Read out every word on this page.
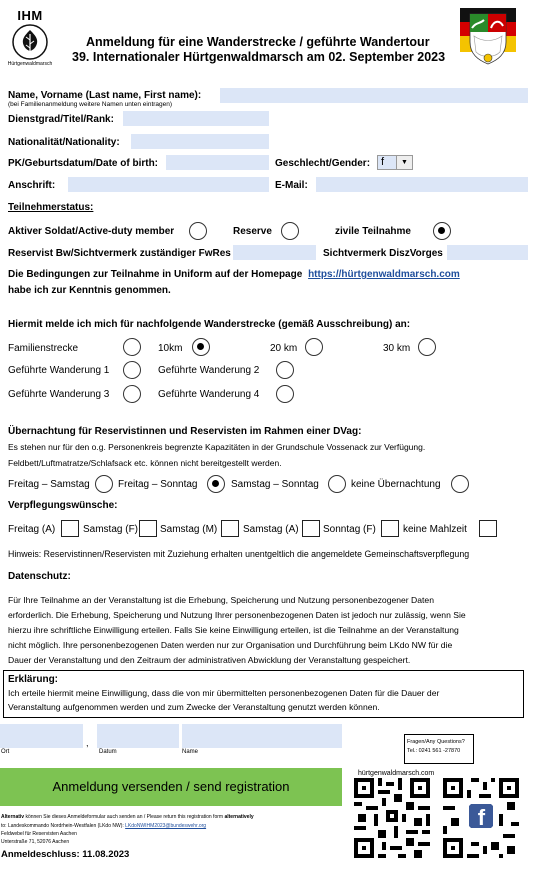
IHM
Hürtgenwaldmarsch
Anmeldung für eine Wanderstrecke / geführte Wandertour
39. Internationaler Hürtgenwaldmarsch am 02. September 2023
Name, Vorname (Last name, First name):
(bei Familienanmeldung weitere Namen unten eintragen)
Dienstgrad/Titel/Rank:
Nationalität/Nationality:
PK/Geburtsdatum/Date of birth:	Geschlecht/Gender: f	▼
Anschrift:	E-Mail:
Teilnehmerstatus:
Aktiver Soldat/Active-duty member	Reserve	zivile Teilnahme
Reservist Bw/Sichtvermerk zuständiger FwRes	Sichtvermerk DiszVorges
Die Bedingungen zur Teilnahme in Uniform auf der Homepage https://hürtgenwaldmarsch.com
habe ich zur Kenntnis genommen.
Hiermit melde ich mich für nachfolgende Wanderstrecke (gemäß Ausschreibung) an:
Familienstrecke	10km	20 km	30 km
Geführte Wanderung 1	Geführte Wanderung 2
Geführte Wanderung 3	Geführte Wanderung 4
Übernachtung für Reservistinnen und Reservisten im Rahmen einer DVag:
Es stehen nur für den o.g. Personenkreis begrenzte Kapazitäten in der Grundschule Vossenack zur Verfügung.
Feldbett/Luftmatratze/Schlafsack etc. können nicht bereitgestellt werden.
Freitag – Samstag	Freitag – Sonntag	Samstag – Sonntag	keine Übernachtung
Verpflegungswünsche:
Freitag (A)	Samstag (F) Samstag (M)	Samstag (A) Sonntag (F)	keine Mahlzeit
Hinweis: Reservistinnen/Reservisten mit Zuziehung erhalten unentgeltlich die angemeldete Gemeinschaftsverpflegung
Datenschutz:
Für Ihre Teilnahme an der Veranstaltung ist die Erhebung, Speicherung und Nutzung personenbezogener Daten
erforderlich. Die Erhebung, Speicherung und Nutzung Ihrer personenbezogenen Daten ist jedoch nur zulässig, wenn Sie
hierzu ihre schriftliche Einwilligung erteilen. Falls Sie keine Einwilligung erteilen, ist die Teilnahme an der Veranstaltung
nicht möglich. Ihre personenbezogenen Daten werden nur zur Organisation und Durchführung beim LKdo NW für die
Dauer der Veranstaltung und den Zeitraum der administrativen Abwicklung der Veranstaltung gespeichert.
Erklärung:
Ich erteile hiermit meine Einwilligung, dass die von mir übermittelten personenbezogenen Daten für die Dauer der
Veranstaltung aufgenommen werden und zum Zwecke der Veranstaltung genutzt werden können.
Ort
,
Datum	Name
Fragen/Any Questions?
Tel.: 0241 561 -27870
Anmeldung versenden / send registration
hürtgenwaldmarsch.com
f
Alternativ können Sie dieses Anmeldeformular auch senden an / Please return this registration form alternatively
to: Landeskommando Nordrhein-Westfalen (LKdo NW): LKdoNWIHM2023@bundeswehr.org
Feldwebel für Reservisten Aachen
Unterstraße 71, 52076 Aachen
Anmeldeschluss: 11.08.2023
